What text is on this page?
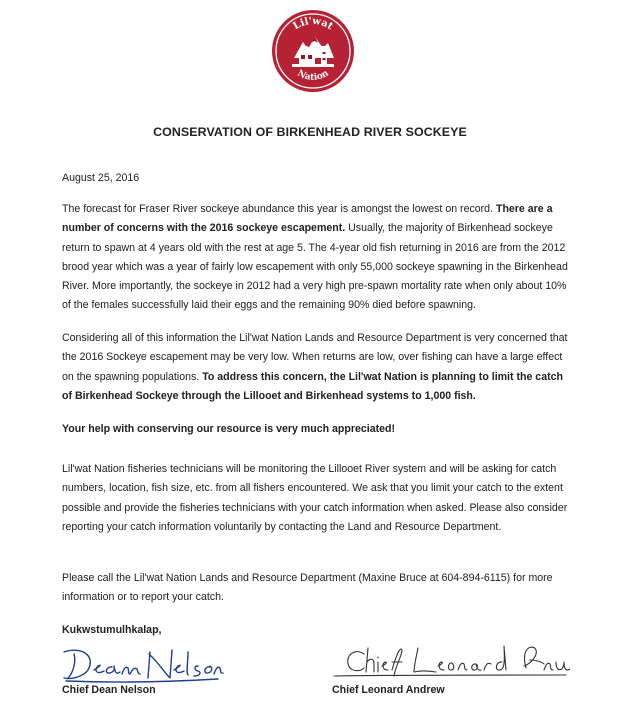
Lil'wat
Nation
CONSERVATION OF BIRKENHEAD RIVER SOCKEYE

August 25, 2016

The forecast for Fraser River sockeye abundance this year is amongst the lowest on record. There are a number of concerns with the 2016 sockeye escapement. Usually, the majority of Birkenhead sockeye return to spawn at 4 years old with the rest at age 5. The 4-year old fish returning in 2016 are from the 2012 brood year which was a year of fairly low escapement with only 55,000 sockeye spawning in the Birkenhead River. More importantly, the sockeye in 2012 had a very high pre-spawn mortality rate when only about 10% of the females successfully laid their eggs and the remaining 90% died before spawning.

Considering all of this information the Lil'wat Nation Lands and Resource Department is very concerned that the 2016 Sockeye escapement may be very low. When returns are low, over fishing can have a large effect on the spawning populations. To address this concern, the Lil'wat Nation is planning to limit the catch of Birkenhead Sockeye through the Lillooet and Birkenhead systems to 1,000 fish.

Your help with conserving our resource is very much appreciated!

Lil'wat Nation fisheries technicians will be monitoring the Lillooet River system and will be asking for catch numbers, location, fish size, etc. from all fishers encountered. We ask that you limit your catch to the extent possible and provide the fisheries technicians with your catch information when asked. Please also consider reporting your catch information voluntarily by contacting the Land and Resource Department.

Please call the Lil'wat Nation Lands and Resource Department (Maxine Bruce at 604-894-6115) for more information or to report your catch.

Kukwstumulhkalap,

Chief Dean Nelson	Chief Leonard Andrew
